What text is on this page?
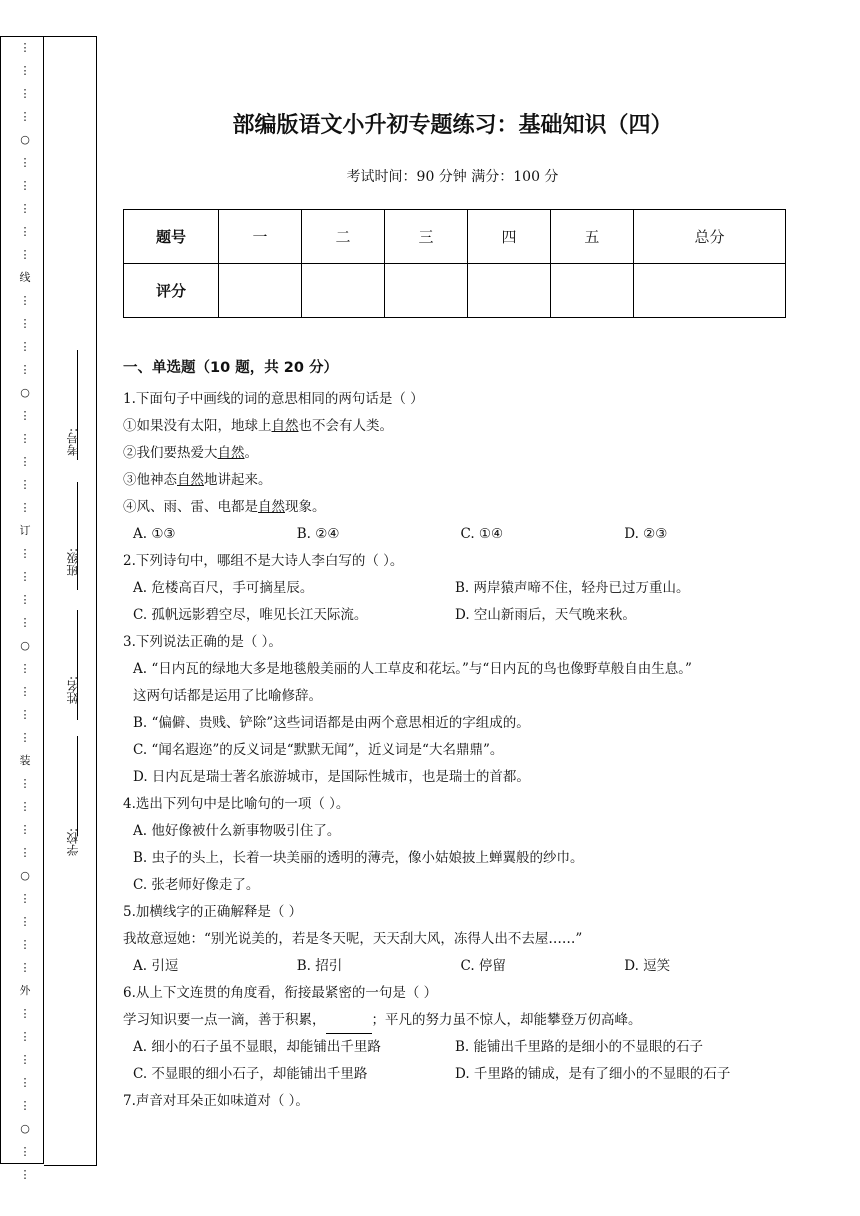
⋮
⋮
⋮
⋮
○
⋮
⋮
⋮
⋮
⋮
线
⋮
⋮
⋮
⋮
○
⋮
⋮
⋮
⋮
⋮
订
⋮
⋮
⋮
⋮
○
⋮
⋮
⋮
⋮
装
⋮
⋮
⋮
⋮
○
⋮
⋮
⋮
⋮
外
⋮
⋮
⋮
⋮
⋮
○
⋮
⋮
考号:
班级:
姓名:
学校:
部编版语文小升初专题练习：基础知识（四）
考试时间：90 分钟 满分：100 分
题号	一	二	三	四	五	总分
评分						
一、单选题（10 题，共 20 分）
1.下面句子中画线的词的意思相同的两句话是（ ）
①如果没有太阳，地球上自然也不会有人类。
②我们要热爱大自然。
③他神态自然地讲起来。
④风、雨、雷、电都是自然现象。
A. ①③	B. ②④	C. ①④	D. ②③
2.下列诗句中，哪组不是大诗人李白写的（ ）。
A. 危楼高百尺，手可摘星辰。	B. 两岸猿声啼不住，轻舟已过万重山。
C. 孤帆远影碧空尽，唯见长江天际流。	D. 空山新雨后，天气晚来秋。
3.下列说法正确的是（ ）。
A. “日内瓦的绿地大多是地毯般美丽的人工草皮和花坛。”与“日内瓦的鸟也像野草般自由生息。”
这两句话都是运用了比喻修辞。
B. “偏僻、贵贱、铲除”这些词语都是由两个意思相近的字组成的。
C. “闻名遐迩”的反义词是“默默无闻”，近义词是“大名鼎鼎”。
D. 日内瓦是瑞士著名旅游城市，是国际性城市，也是瑞士的首都。
4.选出下列句中是比喻句的一项（ ）。
A. 他好像被什么新事物吸引住了。
B. 虫子的头上，长着一块美丽的透明的薄壳，像小姑娘披上蝉翼般的纱巾。
C. 张老师好像走了。
5.加横线字的正确解释是（ ）
我故意逗她：“别光说美的，若是冬天呢，天天刮大风，冻得人出不去屋……”
A. 引逗	B. 招引	C. 停留	D. 逗笑
6.从上下文连贯的角度看，衔接最紧密的一句是（ ）
学习知识要一点一滴，善于积累，	；平凡的努力虽不惊人，却能攀登万仞高峰。
A. 细小的石子虽不显眼，却能铺出千里路	B. 能铺出千里路的是细小的不显眼的石子
C. 不显眼的细小石子，却能铺出千里路	D. 千里路的铺成，是有了细小的不显眼的石子
7.声音对耳朵正如味道对（ ）。
